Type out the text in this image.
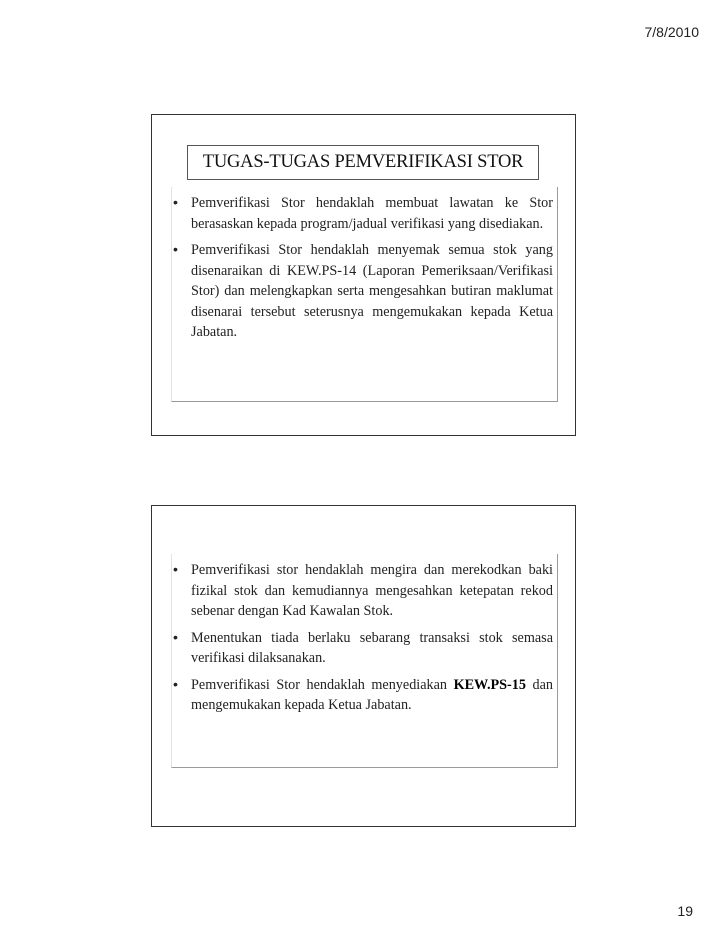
7/8/2010
TUGAS-TUGAS PEMVERIFIKASI STOR
• Pemverifikasi Stor hendaklah membuat lawatan ke Stor berasaskan kepada program/jadual verifikasi yang disediakan.
• Pemverifikasi Stor hendaklah menyemak semua stok yang disenaraikan di KEW.PS-14 (Laporan Pemeriksaan/Verifikasi Stor) dan melengkapkan serta mengesahkan butiran maklumat disenarai tersebut seterusnya mengemukakan kepada Ketua Jabatan.
• Pemverifikasi stor hendaklah mengira dan merekodkan baki fizikal stok dan kemudiannya mengesahkan ketepatan rekod sebenar dengan Kad Kawalan Stok.
• Menentukan tiada berlaku sebarang transaksi stok semasa verifikasi dilaksanakan.
• Pemverifikasi Stor hendaklah menyediakan KEW.PS-15 dan mengemukakan kepada Ketua Jabatan.
19
